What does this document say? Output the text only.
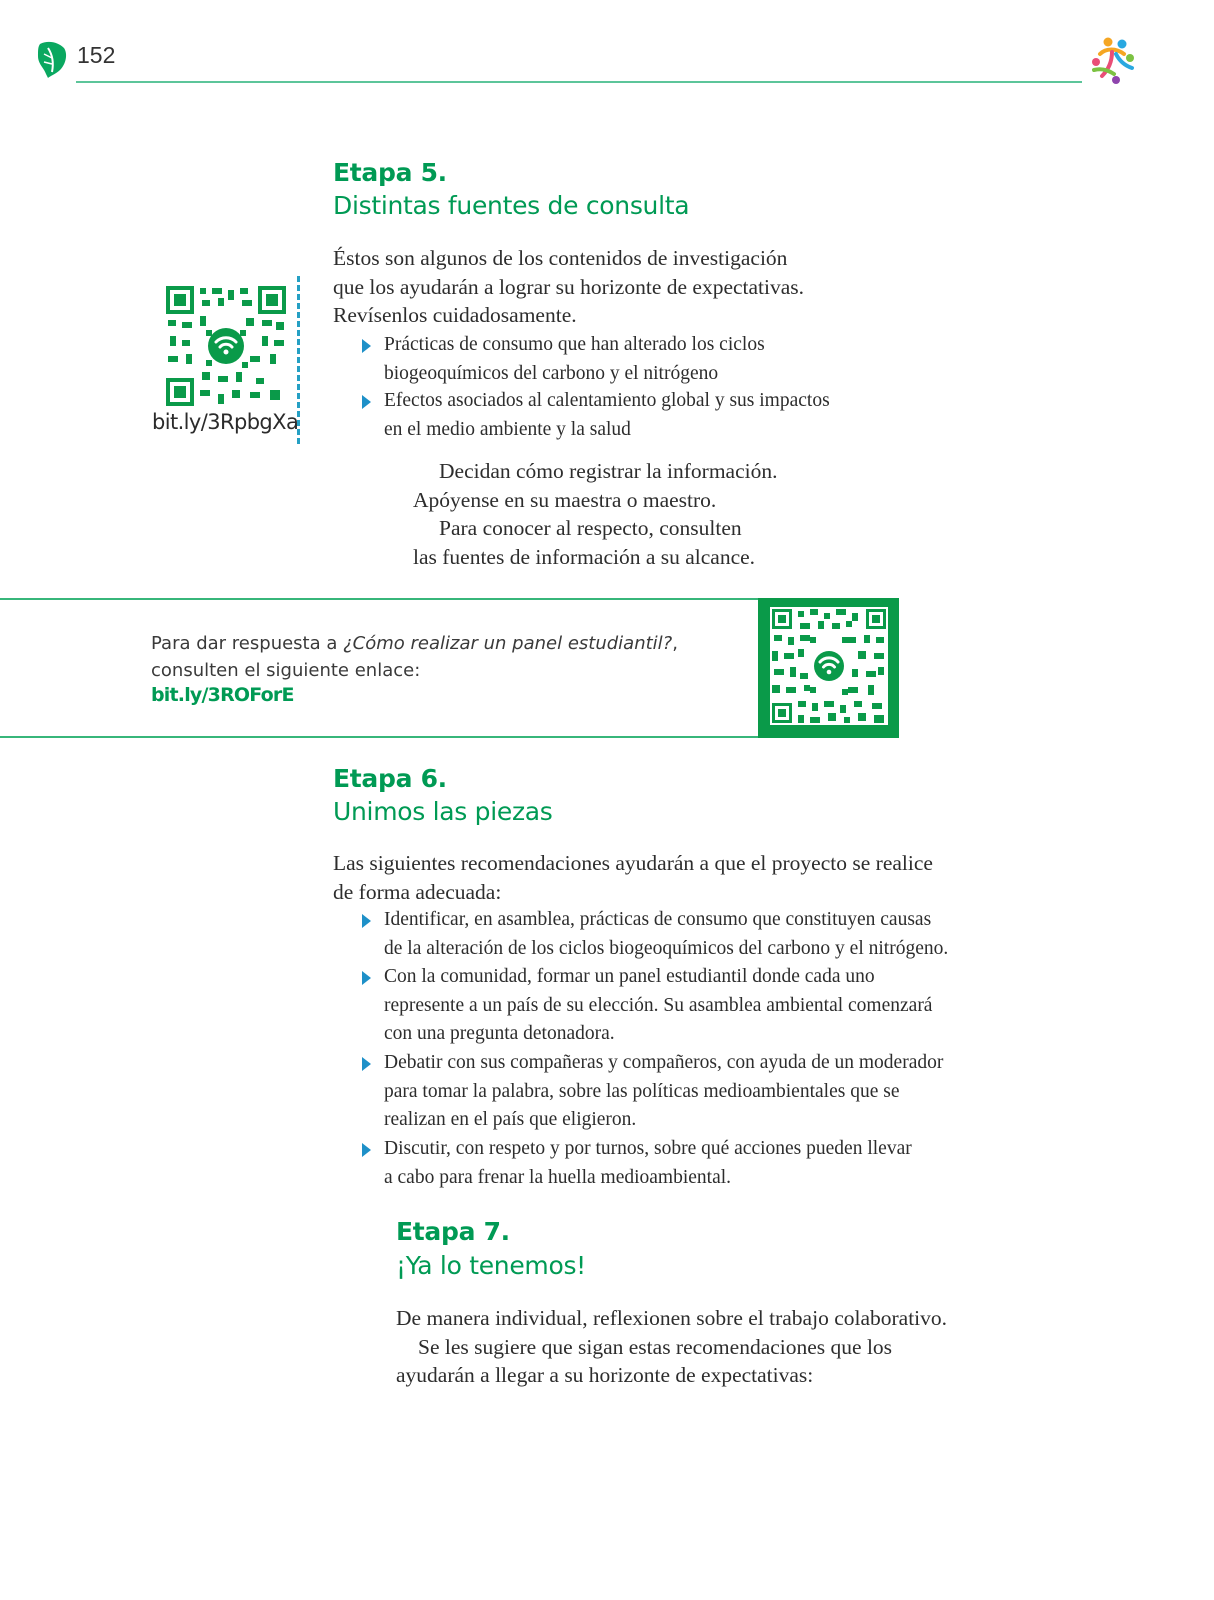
152
Etapa 5.
Distintas fuentes de consulta
Éstos son algunos de los contenidos de investigación
que los ayudarán a lograr su horizonte de expectativas.
Revísenlos cuidadosamente.
Prácticas de consumo que han alterado los ciclos
biogeoquímicos del carbono y el nitrógeno
Efectos asociados al calentamiento global y sus impactos
en el medio ambiente y la salud
bit.ly/3RpbgXa
Decidan cómo registrar la información.
Apóyense en su maestra o maestro.
Para conocer al respecto, consulten
las fuentes de información a su alcance.
Para dar respuesta a ¿Cómo realizar un panel estudiantil?,
consulten el siguiente enlace:
bit.ly/3ROForE
Etapa 6.
Unimos las piezas
Las siguientes recomendaciones ayudarán a que el proyecto se realice
de forma adecuada:
Identificar, en asamblea, prácticas de consumo que constituyen causas
de la alteración de los ciclos biogeoquímicos del carbono y el nitrógeno.
Con la comunidad, formar un panel estudiantil donde cada uno
represente a un país de su elección. Su asamblea ambiental comenzará
con una pregunta detonadora.
Debatir con sus compañeras y compañeros, con ayuda de un moderador
para tomar la palabra, sobre las políticas medioambientales que se
realizan en el país que eligieron.
Discutir, con respeto y por turnos, sobre qué acciones pueden llevar
a cabo para frenar la huella medioambiental.
Etapa 7.
¡Ya lo tenemos!
De manera individual, reflexionen sobre el trabajo colaborativo.
Se les sugiere que sigan estas recomendaciones que los
ayudarán a llegar a su horizonte de expectativas:
